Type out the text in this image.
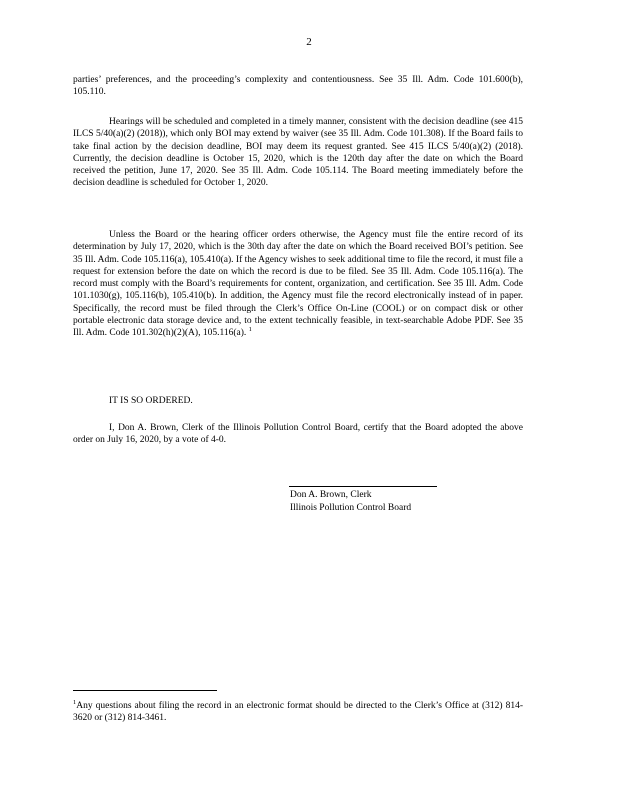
2

parties’ preferences, and the proceeding’s complexity and contentiousness. See 35 Ill. Adm. Code 101.600(b), 105.110.

Hearings will be scheduled and completed in a timely manner, consistent with the decision deadline (see 415 ILCS 5/40(a)(2) (2018)), which only BOI may extend by waiver (see 35 Ill. Adm. Code 101.308). If the Board fails to take final action by the decision deadline, BOI may deem its request granted. See 415 ILCS 5/40(a)(2) (2018). Currently, the decision deadline is October 15, 2020, which is the 120th day after the date on which the Board received the petition, June 17, 2020. See 35 Ill. Adm. Code 105.114. The Board meeting immediately before the decision deadline is scheduled for October 1, 2020.

Unless the Board or the hearing officer orders otherwise, the Agency must file the entire record of its determination by July 17, 2020, which is the 30th day after the date on which the Board received BOI’s petition. See 35 Ill. Adm. Code 105.116(a), 105.410(a). If the Agency wishes to seek additional time to file the record, it must file a request for extension before the date on which the record is due to be filed. See 35 Ill. Adm. Code 105.116(a). The record must comply with the Board’s requirements for content, organization, and certification. See 35 Ill. Adm. Code 101.1030(g), 105.116(b), 105.410(b). In addition, the Agency must file the record electronically instead of in paper. Specifically, the record must be filed through the Clerk’s Office On-Line (COOL) or on compact disk or other portable electronic data storage device and, to the extent technically feasible, in text-searchable Adobe PDF. See 35 Ill. Adm. Code 101.302(h)(2)(A), 105.116(a). $^1$

IT IS SO ORDERED.

I, Don A. Brown, Clerk of the Illinois Pollution Control Board, certify that the Board adopted the above order on July 16, 2020, by a vote of 4-0.

Don A. Brown, Clerk
Illinois Pollution Control Board
$^1$Any questions about filing the record in an electronic format should be directed to the Clerk’s Office at (312) 814-3620 or (312) 814-3461.
